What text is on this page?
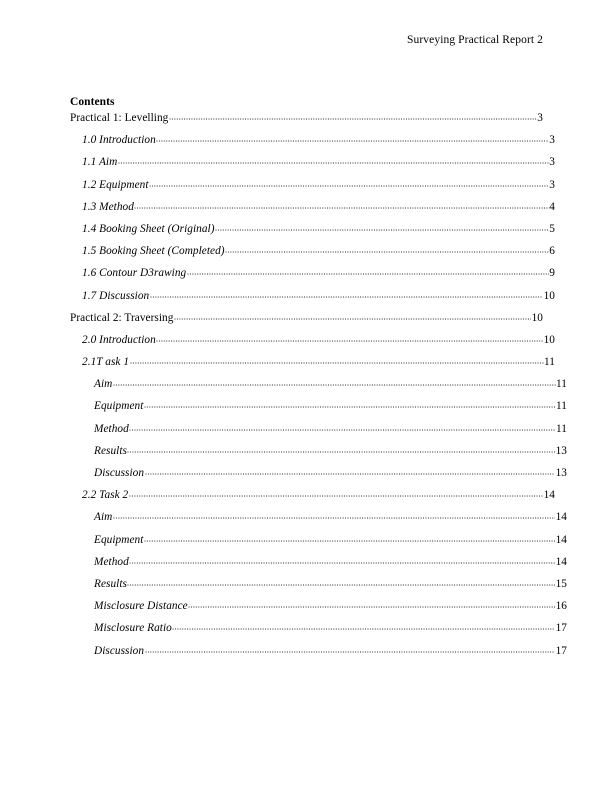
Surveying Practical Report 2
Contents
Practical 1: Levelling	3
1.0 Introduction	3
1.1 Aim	3
1.2 Equipment	3
1.3 Method	4
1.4 Booking Sheet (Original)	5
1.5 Booking Sheet (Completed)	6
1.6 Contour D3rawing	9
1.7 Discussion	10
Practical 2: Traversing	10
2.0 Introduction	10
2.1T ask 1	11
Aim	11
Equipment	11
Method	11
Results	13
Discussion	13
2.2 Task 2	14
Aim	14
Equipment	14
Method	14
Results	15
Misclosure Distance	16
Misclosure Ratio	17
Discussion	17
